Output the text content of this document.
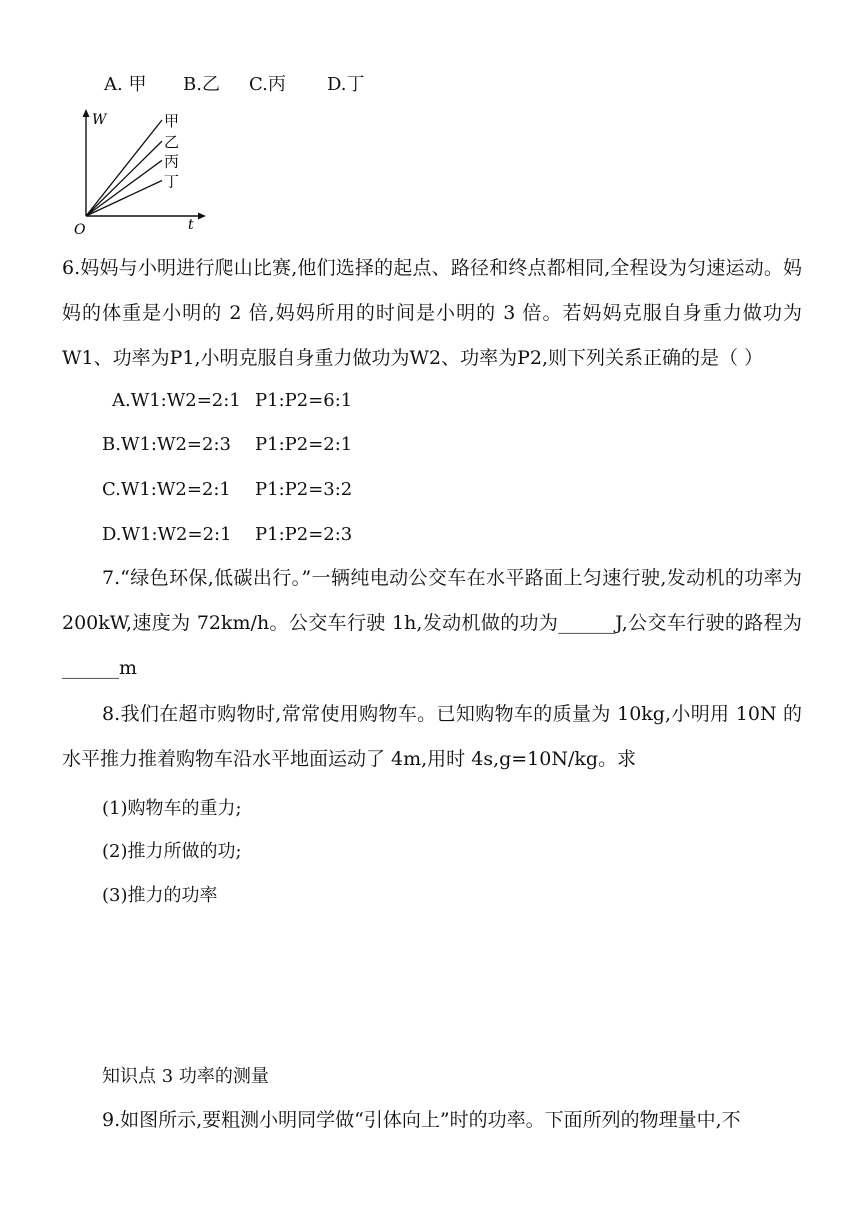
A. 甲 B.乙 C.丙 D.丁
W
t
O
甲
乙
丙
丁
6.妈妈与小明进行爬山比赛,他们选择的起点、路径和终点都相同,全程设为匀速运动。妈妈的体重是小明的 2 倍,妈妈所用的时间是小明的 3 倍。若妈妈克服自身重力做功为W1、功率为P1,小明克服自身重力做功为W2、功率为P2,则下列关系正确的是（ ）
A.W1:W2=2:1 P1:P2=6:1
B.W1:W2=2:3 P1:P2=2:1
C.W1:W2=2:1 P1:P2=3:2
D.W1:W2=2:1 P1:P2=2:3
7.“绿色环保,低碳出行。”一辆纯电动公交车在水平路面上匀速行驶,发动机的功率为 200kW,速度为 72km/h。公交车行驶 1h,发动机做的功为______J,公交车行驶的路程为______m
8.我们在超市购物时,常常使用购物车。已知购物车的质量为 10kg,小明用 10N 的水平推力推着购物车沿水平地面运动了 4m,用时 4s,g=10N/kg。求
(1)购物车的重力;
(2)推力所做的功;
(3)推力的功率
知识点 3 功率的测量
9.如图所示,要粗测小明同学做“引体向上”时的功率。下面所列的物理量中,不
